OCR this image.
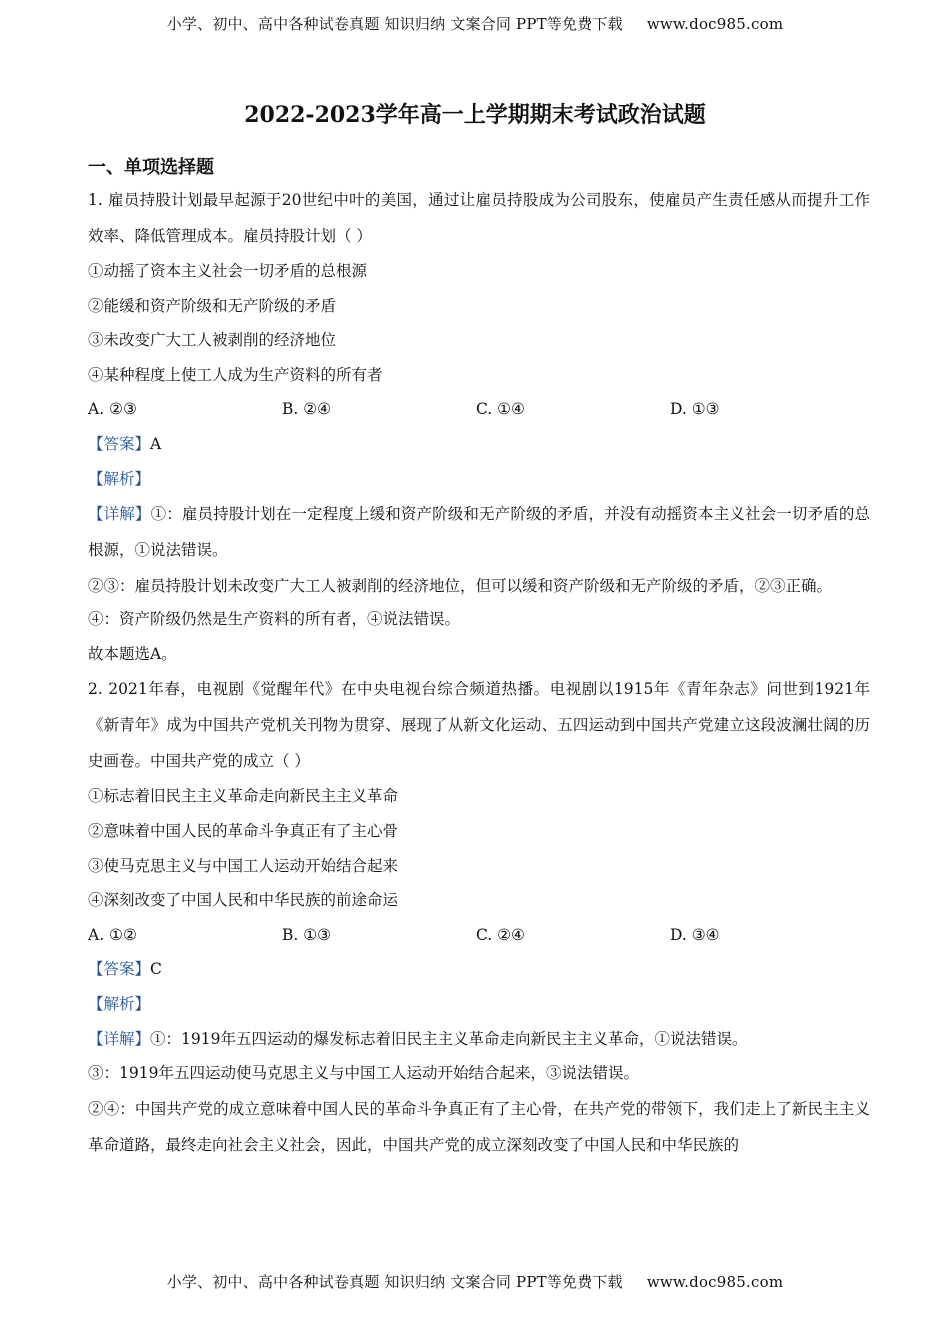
小学、初中、高中各种试卷真题 知识归纳 文案合同 PPT等免费下载 www.doc985.com
2022-2023学年高一上学期期末考试政治试题
一、单项选择题
1. 雇员持股计划最早起源于20世纪中叶的美国，通过让雇员持股成为公司股东，使雇员产生责任感从而提升工作效率、降低管理成本。雇员持股计划（ ）
①动摇了资本主义社会一切矛盾的总根源
②能缓和资产阶级和无产阶级的矛盾
③未改变广大工人被剥削的经济地位
④某种程度上使工人成为生产资料的所有者
A. ②③	B. ②④	C. ①④	D. ①③
【答案】A
【解析】
【详解】①：雇员持股计划在一定程度上缓和资产阶级和无产阶级的矛盾，并没有动摇资本主义社会一切矛盾的总根源，①说法错误。
②③：雇员持股计划未改变广大工人被剥削的经济地位，但可以缓和资产阶级和无产阶级的矛盾，②③正确。
④：资产阶级仍然是生产资料的所有者，④说法错误。
故本题选A。
2. 2021年春，电视剧《觉醒年代》在中央电视台综合频道热播。电视剧以1915年《青年杂志》问世到1921年《新青年》成为中国共产党机关刊物为贯穿、展现了从新文化运动、五四运动到中国共产党建立这段波澜壮阔的历史画卷。中国共产党的成立（ ）
①标志着旧民主主义革命走向新民主主义革命
②意味着中国人民的革命斗争真正有了主心骨
③使马克思主义与中国工人运动开始结合起来
④深刻改变了中国人民和中华民族的前途命运
A. ①②	B. ①③	C. ②④	D. ③④
【答案】C
【解析】
【详解】①：1919年五四运动的爆发标志着旧民主主义革命走向新民主主义革命，①说法错误。
③：1919年五四运动使马克思主义与中国工人运动开始结合起来，③说法错误。
②④：中国共产党的成立意味着中国人民的革命斗争真正有了主心骨，在共产党的带领下，我们走上了新民主主义革命道路，最终走向社会主义社会，因此，中国共产党的成立深刻改变了中国人民和中华民族的
小学、初中、高中各种试卷真题 知识归纳 文案合同 PPT等免费下载 www.doc985.com
